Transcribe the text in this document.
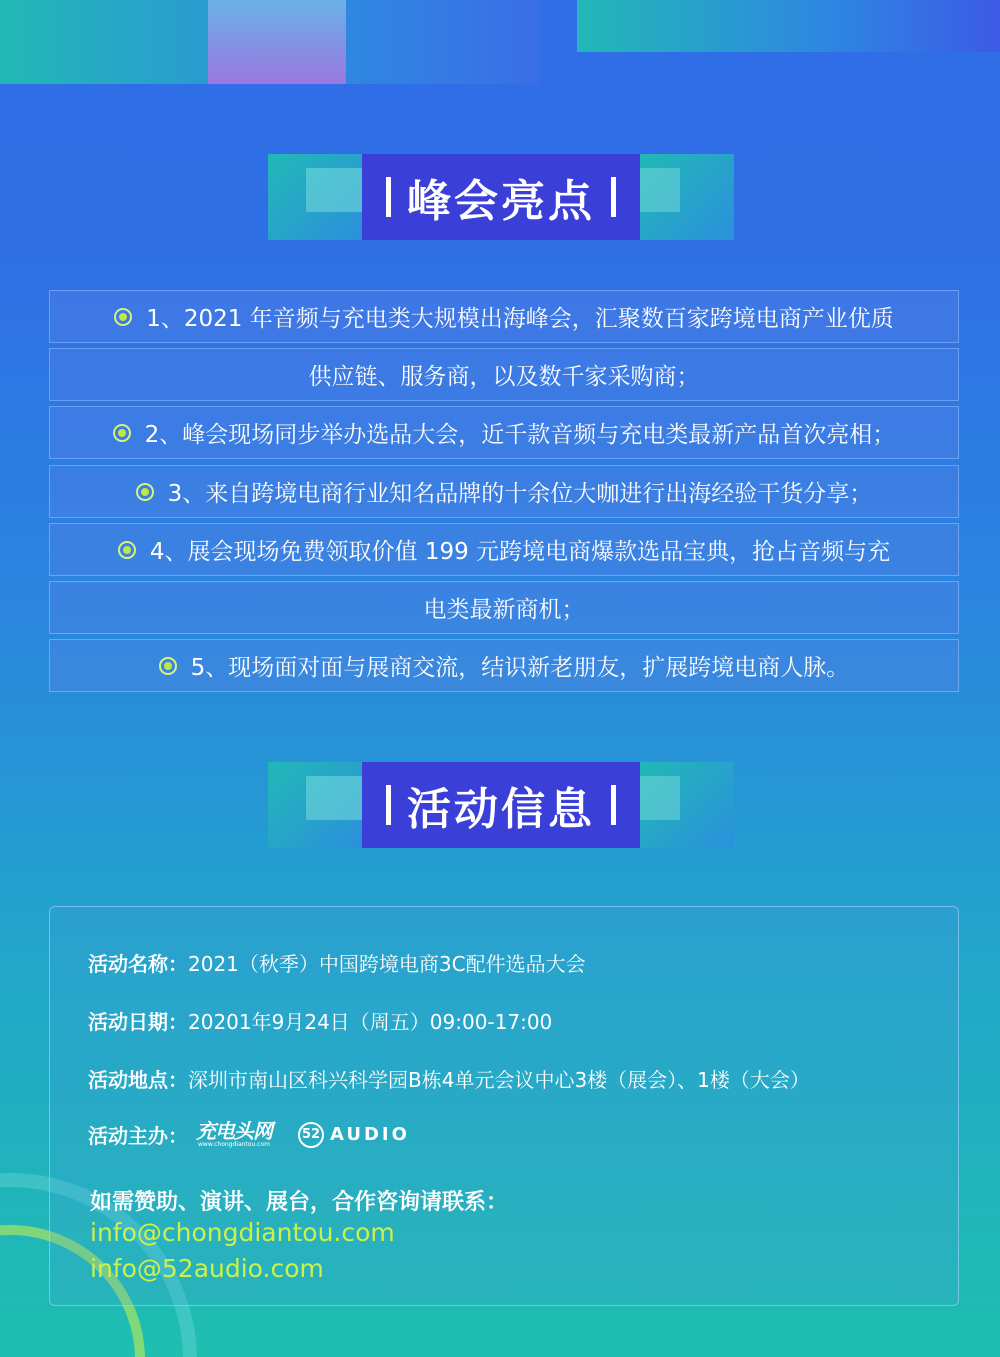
峰会亮点
1、2021 年音频与充电类大规模出海峰会，汇聚数百家跨境电商产业优质
供应链、服务商，以及数千家采购商；
2、峰会现场同步举办选品大会，近千款音频与充电类最新产品首次亮相；
3、来自跨境电商行业知名品牌的十余位大咖进行出海经验干货分享；
4、展会现场免费领取价值 199 元跨境电商爆款选品宝典，抢占音频与充
电类最新商机；
5、现场面对面与展商交流，结识新老朋友，扩展跨境电商人脉。
活动信息
活动名称：2021（秋季）中国跨境电商3C配件选品大会
活动日期：20201年9月24日（周五）09:00-17:00
活动地点：深圳市南山区科兴科学园B栋4单元会议中心3楼（展会）、1楼（大会）
活动主办： 充电头网
www.chongdiantou.com
52 AUDIO
如需赞助、演讲、展台，合作咨询请联系：
info@chongdiantou.com
info@52audio.com
